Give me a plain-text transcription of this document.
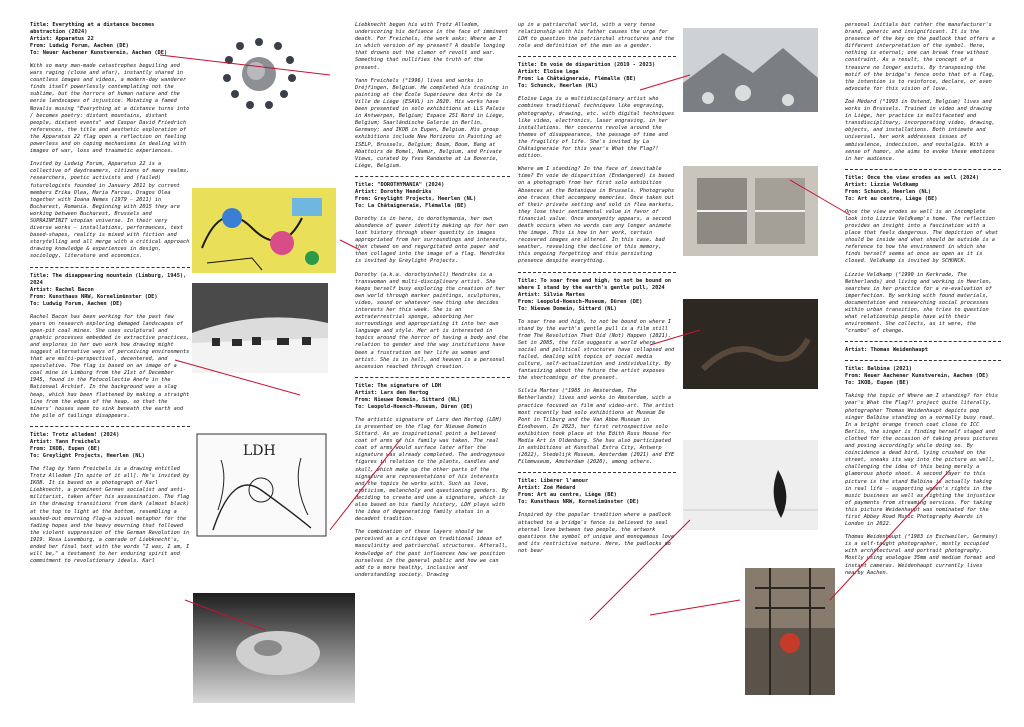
Title: Everything at a distance becomes abstraction (2024)
Artist: Apparatus 22
From: Ludwig Forum, Aachen (DE)
To: Neuer Aachener Kunstverein, Aachen (DE)

With so many man-made catastrophes beguiling and wars raging (close and afar), instantly shared in countless images and videos, a modern-day wanderer finds itself powerlessly contemplating not the sublime, but the horrors of human nature and the eerie landscapes of injustice. Mutating a famed Novalis musing "Everything at a distance turns into / becomes poetry: distant mountains, distant people, distant events" and Caspar David Friedrich references, the title and aesthetic exploration of the Apparatus 22 flag open a reflection on feeling powerless and on coping mechanisms in dealing with images of war, loss and traumatic experiences.

Invited by Ludwig Forum, Apparatus 22 is a collective of daydreamers, citizens of many realms, researchers, poetic activists and (failed) futurologists founded in January 2011 by current members Erika Olea, Maria Farcas, Dragos Olea together with Ioana Nemes (1979 – 2011) in Bucharest, Romania. Beginning with 2015 they are working between Bucharest, Brussels and SUPRAINFINIT utopian universe. In their very diverse works – installations, performances, text based-shapes, reality is mixed with fiction and storytelling and all merge with a critical approach drawing knowledge & experiences in design, sociology, literature and economics.

Title: The disappearing mountain (Limburg, 1945), 2024
Artist: Rachel Bacon
From: Kunsthaus NRW, Kornelimünster (DE)
To: Ludwig Forum, Aachen (DE)

Rachel Bacon has been working for the past few years on research exploring damaged landscapes of open-pit coal mines. She uses sculptural and graphic processes embedded in extractive practices, and explores in her own work how drawing might suggest alternative ways of perceiving environments that are multi-perspectival, decentered, and speculative. The flag is based on an image of a coal mine in Limburg from the 21st of December 1945, found in the Fotocollectie Anefo in the Nationaal Archief. In the background was a slag heap, which has been flattened by making a straight line from the edges of the heap, so that the miners' houses seem to sink beneath the earth and the pile of tailings disappears.

Title: Trotz alledem! (2024)
Artist: Yann Freichels
From: IKOB, Eupen (BE)
To: Greylight Projects, Heerlen (NL)

The flag by Yann Freichels is a drawing entitled Trotz Alledem [In spite of it all]. He's invited by IKOB. It is based on a photograph of Karl Liebknecht, a prominent German socialist and anti-militarist, taken after his assassination. The flag in the drawing transitions from dark (almost black) at the top to light at the bottom, resembling a washed-out mourning flag—a visual metaphor for the fading hopes and the heavy mourning that followed the violent suppression of the German Revolution in 1919. Rosa Luxemburg, a comrade of Liebknecht's, ended her final text with the words "I was, I am, I will be," a testament to her enduring spirit and commitment to revolutionary ideals. Karl

Liebknecht began his with Trotz Alledem, underscoring his defiance in the face of imminent death. For Freichels, the work asks: Where am I in which version of my present? A double longing that drowns out the clamor of revolt and war. Something that nullifies the truth of the present.

Yann Freichels (°1996) lives and works in Dréjfingen, Belgium. He completed his training in painting at the École Supérieure des Arts de la Ville de Liège (ESAVL) in 2020. His works have been presented in solo exhibitions at LLS Paleis in Antwerpen, Belgium; Espace 251 Nord in Liège, Belgium; Saarländische Galerie in Berlin, Germany; and IKOB in Eupen, Belgium. His group exhibitions include New Horizons in Painting at ISELP, Brussels, Belgium; Boum, Boum, Bang at Abattoirs de Bomel, Namur, Belgium, and Private Views, curated by Yves Randaxhe at La Boverie, Liège, Belgium.

Title: "DOROTHYMANIA" (2024)
Artist: Dorothy Hendriks
From: Greylight Projects, Heerlen (NL)
To: La Châtaigneraie, Flémalle (BE)

Dorothy is in here, in dorothymania, her own abundance of queer identity making up for her own lost history through sheer quantity in images appropriated from her surroundings and interests, then chewed on and regurgitated onto paper and then collaged into the image of a flag. Hendriks is invited by Greylight Projects.

Dorothy (a.k.a. dorothyinhell) Hendriks is a transwoman and multi-disciplinary artist. She keeps herself busy exploring the creation of her own world through marker paintings, sculptures, video, sound or whatever new thing she decides interests her this week. She is an extraterrestrial sponge, absorbing her surroundings and appropriating it into her own language and style. Her art is interested in topics around the horror of having a body and the relation to gender and the way institutions have been a frustration on her life as woman and artist. She is in hell, and heaven is a personal ascension reached through creation.

Title: The signature of LDH
Artist: Lars den Hertog
From: Nieuwe Domein, Sittard (NL)
To: Leopold-Hoesch-Museum, Düren (DE)

The artistic signature of Lars den Hertog (LDH) is presented on the flag for Nieuwe Domein Sittard. As an inspirational point a believed coat of arms of his family was taken. The real coat of arms would surface later after the signature was already completed. The androgynous figures in relation to the plants, candles and skull, which make up the other parts of the signature are representations of his interests and the topics he works with. Such as love, eroticism, melancholy and questioning genders. By deciding to create and use a signature, which is also based on his family history, LDH plays with the idea of degenerating family status in a decadent tradition.

The combination of these layers should be perceived as a critique on traditional ideas of masculinity and patriarchal structures. Afterall, knowledge of the past influences how we position ourselves in the general public and how we can add to a more healthy, inclusive and understanding society. Drawing

up in a patriarchal world, with a very tense relationship with his father causes the urge for LDH to question the patriarchal structures and the role and definition of the man as a gender.

Title: En voie de disparition (2019 - 2023)
Artist: Eloïse Lega
From: La Châtaigneraie, Flémalle (BE)
To: Schunck, Heerlen (NL)

Eloïse Lega is a multidisciplinary artist who combines traditional techniques like engraving, photography, drawing, etc. with digital techniques like video, electronics, laser engraving, in her installations. Her concerns revolve around the themes of disappearance, the passage of time and the fragility of life. She's invited by La Châtaigneraie for this year's What the Flag?! edition.

Where am I standing? In the face of inevitable time? En voie de disparition (Endangered) is based on a photograph from her first solo exhibition Absences at the Botanique in Brussels. Photographs one traces that accompany memories. Once taken out of their private setting and sold in flea markets, they lose their sentimental value in favor of financial value. Once anonymity appears, a second death occurs when no words can any longer animate the image. This is how in her work, certain recovered images are altered. In this case, bad weather, revealing the decline of this memory, this ongoing forgetting and this persisting presence despite everything.

Title: To soar free and high, to not be bound on where I stand by the earth's gentle pull, 2024
Artist: Silvia Martes
From: Leopold-Hoesch-Museum, Düren (DE)
To: Nieuwe Domein, Sittard (NL)

To soar free and high, to not be bound on where I stand by the earth's gentle pull is a film still from The Revolution That Did (Not) Happen (2021). Set in 2085, the film suggests a world where social and political structures have collapsed and failed, dealing with topics of social media culture, self-actualization and individuality. By fantasizing about the future the artist exposes the shortcomings of the present.

Silvia Martes (°1985 in Amsterdam, The Netherlands) lives and works in Amsterdam, with a practice focused on film and video-art. The artist most recently had solo exhibitions at Museum De Pont in Tilburg and the Van Abbe Museum in Eindhoven. In 2023, her first retrospective solo exhibition took place at the Edith Russ House for Media Art in Oldenburg. She has also participated in exhibitions at Kunsthal Extra City, Antwerp (2022), Stedelijk Museum, Amsterdam (2021) and EYE Filmmuseum, Amsterdam (2020), among others.

Title: Libérer l'amour
Artist: Zoé Médard
From: Art au centre, Liège (BE)
To: Kunsthaus NRW, Kornelimünster (DE)

Inspired by the popular tradition where a padlock attached to a bridge's fence is believed to seal eternal love between two people, the artwork questions the symbol of unique and monogamous love and its restrictive nature. Here, the padlocks do not bear

personal initials but rather the manufacturer's brand, generic and insignificant. It is the presence of the key on the padlock that offers a different interpretation of the symbol. Here, nothing is eternal; one can break free without constraint. As a result, the concept of a treasure no longer exists. By transposing the motif of the bridge's fence onto that of a flag, the intention is to reinforce, declare, or even advocate for this vision of love.

Zoé Médard (°1993 in Ostend, Belgium) lives and works in Brussels. Trained in video and drawing in Liège, her practice is multifaceted and transdisciplinary, incorporating video, drawing, objects, and installations. Both intimate and universal, her work addresses issues of ambivalence, indecision, and nostalgia. With a sense of humor, she aims to evoke these emotions in her audience.

Title: Once the view erodes as well (2024)
Artist: Lizzie Veldkamp
From: Schunck, Heerlen (NL)
To: Art au centre, Liège (BE)

Once the view erodes as well is an incomplete look into Lizzie Veldkamp's home. The reflection provides an insight into a fascination with a place that feels dangerous. The depiction of what should be inside and what should be outside is a reference to how the environment in which she finds herself seems at once as open as it is closed. Veldkamp is invited by SCHUNCK.

Lizzie Veldkamp (°1990 in Kerkrade, The Netherlands) and living and working in Heerlen, searches in her practice for a re-evaluation of imperfection. By working with found materials, documentation and researching social processes within urban transition, she tries to question what relationship people have with their environment. She collects, as it were, the "crumbs" of change.

Artist: Thomas Weidenhaupt
Title: Balbina (2021)
From: Neuer Aachener Kunstverein, Aachen (DE)
To: IKOB, Eupen (BE)

Taking the topic of Where am I standing? for this year's What the Flag?! project quite literally, photographer Thomas Weidenhaupt depicts pop singer Balbina standing on a normally busy road. In a bright orange trench coat close to ICC Berlin, the singer is finding herself staged and clothed for the occasion of taking press pictures and posing accordingly while doing so. By coincidence a dead bird, lying crushed on the street, sneaks its way into the picture as well, challenging the idea of this being merely a glamorous photo shoot. A second layer to this picture is the stand Balbina is actually taking in real life – supporting women's rights in the music business as well as fighting the injustice of payments from streaming services. For taking this picture Weidenhaupt was nominated for the first Abbey Road Music Photography Awards in London in 2022.

Thomas Weidenhaupt (°1983 in Eschweiler, Germany) is a self-taught photographer, mostly occupied with architectural and portrait photography. Mostly using analogue 35mm and medium format and instant cameras. Weidenhaupt currently lives nearby Aachen.

LDH
